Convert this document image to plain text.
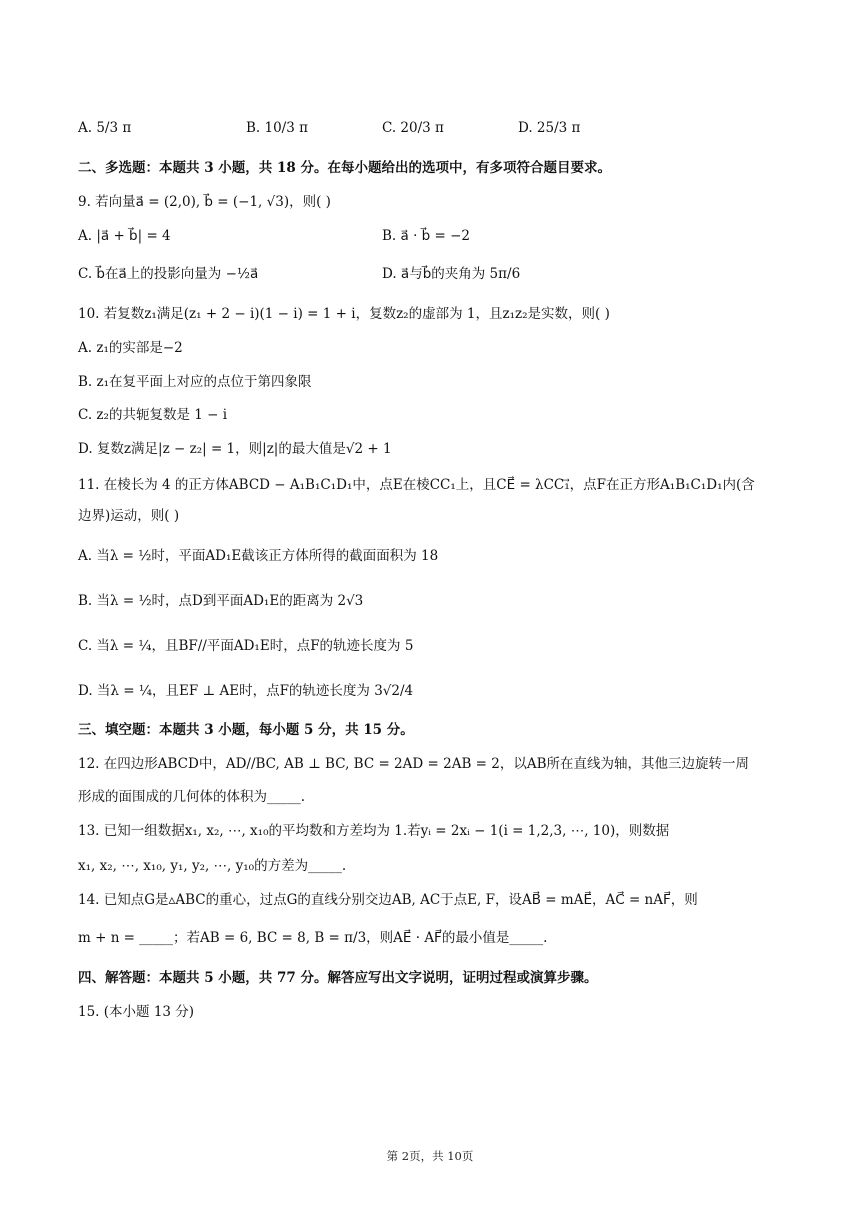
A. 5/3 π	B. 10/3 π	C. 20/3 π	D. 25/3 π
二、多选题：本题共 3 小题，共 18 分。在每小题给出的选项中，有多项符合题目要求。
9. 若向量a⃗ = (2,0), b⃗ = (−1, √3)，则( )
A. |a⃗ + b⃗| = 4	B. a⃗ · b⃗ = −2
C. b⃗在a⃗上的投影向量为 −½a⃗	D. a⃗与b⃗的夹角为 5π/6
10. 若复数z₁满足(z₁ + 2 − i)(1 − i) = 1 + i，复数z₂的虚部为 1，且z₁z₂是实数，则( )
A. z₁的实部是−2
B. z₁在复平面上对应的点位于第四象限
C. z₂的共轭复数是 1 − i
D. 复数z满足|z − z₂| = 1，则|z|的最大值是√2 + 1
11. 在棱长为 4 的正方体ABCD − A₁B₁C₁D₁中，点E在棱CC₁上，且CE⃗ = λCC₁⃗，点F在正方形A₁B₁C₁D₁内(含
边界)运动，则( )
A. 当λ = ½时，平面AD₁E截该正方体所得的截面面积为 18
B. 当λ = ½时，点D到平面AD₁E的距离为 2√3
C. 当λ = ¼，且BF//平面AD₁E时，点F的轨迹长度为 5
D. 当λ = ¼，且EF ⊥ AE时，点F的轨迹长度为 3√2/4
三、填空题：本题共 3 小题，每小题 5 分，共 15 分。
12. 在四边形ABCD中，AD//BC, AB ⊥ BC, BC = 2AD = 2AB = 2，以AB所在直线为轴，其他三边旋转一周
形成的面围成的几何体的体积为_____.
13. 已知一组数据x₁, x₂, ⋯, x₁₀的平均数和方差均为 1.若yᵢ = 2xᵢ − 1(i = 1,2,3, ⋯, 10)，则数据
x₁, x₂, ⋯, x₁₀, y₁, y₂, ⋯, y₁₀的方差为_____.
14. 已知点G是▵ABC的重心，过点G的直线分别交边AB, AC于点E, F，设AB⃗ = mAE⃗，AC⃗ = nAF⃗，则
m + n = _____；若AB = 6, BC = 8, B = π/3，则AE⃗ · AF⃗的最小值是_____.
四、解答题：本题共 5 小题，共 77 分。解答应写出文字说明，证明过程或演算步骤。
15. (本小题 13 分)
第 2页，共 10页
